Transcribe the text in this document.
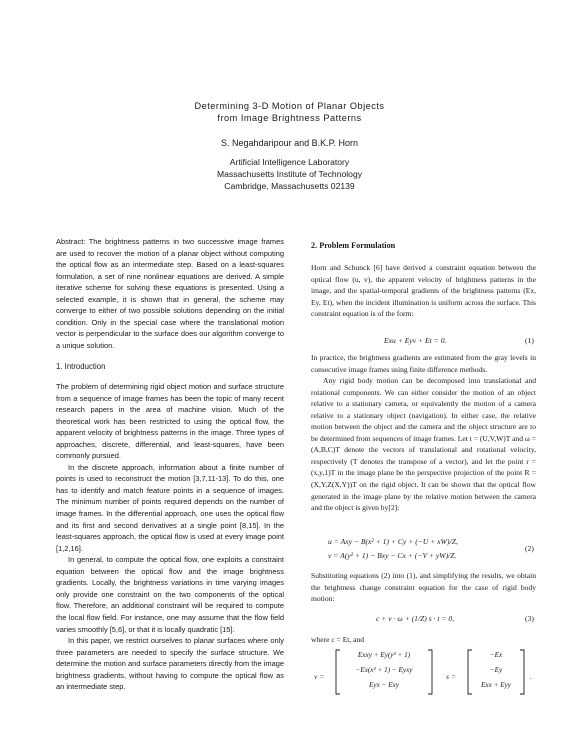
Determining 3-D Motion of Planar Objects
from Image Brightness Patterns
S. Negahdaripour and B.K.P. Horn
Artificial Intelligence Laboratory
Massachusetts Institute of Technology
Cambridge, Massachusetts 02139

Abstract: The brightness patterns in two successive image frames are used to recover the motion of a planar object without computing the optical flow as an intermediate step. Based on a least-squares formulation, a set of nine nonlinear equations are derived. A simple iterative scheme for solving these equations is presented. Using a selected example, it is shown that in general, the scheme may converge to either of two possible solutions depending on the initial condition. Only in the special case where the translational motion vector is perpendicular to the surface does our algorithm converge to a unique solution.

1. Introduction

The problem of determining rigid object motion and surface structure from a sequence of image frames has been the topic of many recent research papers in the area of machine vision. Much of the theoretical work has been restricted to using the optical flow, the apparent velocity of brightness patterns in the image. Three types of approaches, discrete, differential, and least-squares, have been commonly pursued.

In the discrete approach, information about a finite number of points is used to reconstruct the motion [3,7,11-13]. To do this, one has to identify and match feature points in a sequence of images. The minimum number of points required depends on the number of image frames. In the differential approach, one uses the optical flow and its first and second derivatives at a single point [8,15]. In the least-squares approach, the optical flow is used at every image point [1,2,16].

In general, to compute the optical flow, one exploits a constraint equation between the optical flow and the image brightness gradients. Locally, the brightness variations in time varying images only provide one constraint on the two components of the optical flow. Therefore, an additional constraint will be required to compute the local flow field. For instance, one may assume that the flow field varies smoothly [5,6], or that it is locally quadratic [15].

In this paper, we restrict ourselves to planar surfaces where only three parameters are needed to specify the surface structure. We determine the motion and surface parameters directly from the image brightness gradients, without having to compute the optical flow as an intermediate step.

2. Problem Formulation

Horn and Schunck [6] have derived a constraint equation between the optical flow (u, v), the apparent velocity of brightness patterns in the image, and the spatial-temporal gradients of the brightness patterns (Ex, Ey, Et), when the incident illumination is uniform across the surface. This constraint equation is of the form:

Exu + Eyv + Et = 0.	(1)

In practice, the brightness gradients are estimated from the gray levels in consecutive image frames using finite difference methods.

Any rigid body motion can be decomposed into translational and rotational components. We can either consider the motion of an object relative to a stationary camera, or equivalently the motion of a camera relative to a stationary object (navigation). In either case, the relative motion between the object and the camera and the object structure are to be determined from sequences of image frames. Let t = (U,V,W)T and ω = (A,B,C)T denote the vectors of translational and rotational velocity, respectively (T denotes the transpose of a vector), and let the point r = (x,y,1)T in the image plane be the perspective projection of the point R = (X,Y,Z(X,Y))T on the rigid object. It can be shown that the optical flow generated in the image plane by the relative motion between the camera and the object is given by[2]:

u = Axy − B(x² + 1) + Cy + (−U + xW)/Z,
v = A(y² + 1) − Bxy − Cx + (−V + yW)/Z.
(2)

Substituting equations (2) into (1), and simplifying the results, we obtain the brightness change constraint equation for the case of rigid body motion:

c + v · ω + (1/Z) s · t = 0,	(3)

where c = Et, and

v =
Exxy + Ey(y² + 1)
−Ex(x² + 1) − Eyxy
Eyx − Exy
s =
−Ex
−Ey
Exx + Eyy
.
